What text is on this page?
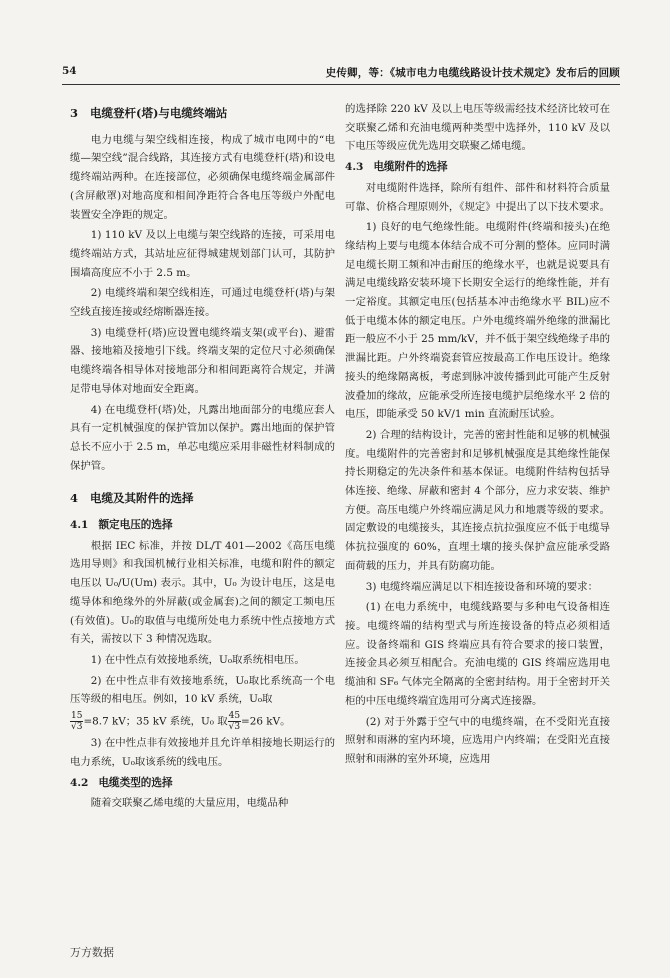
54	史传卿，等：《城市电力电缆线路设计技术规定》发布后的回顾
3 电缆登杆(塔)与电缆终端站

电力电缆与架空线相连接，构成了城市电网中的“电缆—架空线”混合线路，其连接方式有电缆登杆(塔)和设电缆终端站两种。在连接部位，必须确保电缆终端金属部件(含屏敝罩)对地高度和相间净距符合各电压等级户外配电装置安全净距的规定。

1) 110 kV 及以上电缆与架空线路的连接，可采用电缆终端站方式，其站址应征得城建规划部门认可，其防护围墙高度应不小于 2.5 m。

2) 电缆终端和架空线相连，可通过电缆登杆(塔)与架空线直接连接或经熔断器连接。

3) 电缆登杆(塔)应设置电缆终端支架(或平台)、避雷器、接地箱及接地引下线。终端支架的定位尺寸必须确保电缆终端各相导体对接地部分和相间距离符合规定，并满足带电导体对地面安全距离。

4) 在电缆登杆(塔)处，凡露出地面部分的电缆应套人具有一定机械强度的保护管加以保护。露出地面的保护管总长不应小于 2.5 m，单芯电缆应采用非磁性材料制成的保护管。

4 电缆及其附件的选择
4.1 额定电压的选择

根据 IEC 标准，并按 DL/T 401—2002《高压电缆选用导则》和我国机械行业相关标准，电缆和附件的额定电压以 U₀/U(Um) 表示。其中，U₀ 为设计电压，这是电缆导体和绝缘外的外屏蔽(或金属套)之间的额定工频电压(有效值)。U₀的取值与电缆所处电力系统中性点接地方式有关，需按以下 3 种情况选取。

1) 在中性点有效接地系统，U₀取系统相电压。

2) 在中性点非有效接地系统，U₀取比系统高一个电压等级的相电压。例如，10 kV 系统，U₀取

$\frac{15}{√3} =8.7$ kV；35 kV 系统，U₀ 取 $\frac{45}{√3} =26$ kV。

3) 在中性点非有效接地并且允许单相接地长期运行的电力系统，U₀取该系统的线电压。

4.2 电缆类型的选择

随着交联聚乙烯电缆的大量应用，电缆品种

的选择除 220 kV 及以上电压等级需经技术经济比较可在交联聚乙烯和充油电缆两种类型中选择外，110 kV 及以下电压等级应优先选用交联聚乙烯电缆。

4.3 电缆附件的选择

对电缆附件选择，除所有组件、部件和材料符合质量可靠、价格合理原则外，《规定》中提出了以下技术要求。

1) 良好的电气绝缘性能。电缆附件(终端和接头)在绝缘结构上要与电缆本体结合成不可分割的整体。应同时满足电缆长期工频和冲击耐压的绝缘水平，也就是说要具有满足电缆线路安装环境下长期安全运行的绝缘性能，并有一定裕度。其额定电压(包括基本冲击绝缘水平 BIL)应不低于电缆本体的额定电压。户外电缆终端外绝缘的泄漏比距一般应不小于 25 mm/kV，并不低于架空线绝缘子串的泄漏比距。户外终端瓷套管应按最高工作电压设计。绝缘接头的绝缘隔离板，考虑到脉冲波传播到此可能产生反射波叠加的缘故，应能承受所连接电缆护层绝缘水平 2 倍的电压，即能承受 50 kV/1 min 直流耐压试验。

2) 合理的结构设计，完善的密封性能和足够的机械强度。电缆附件的完善密封和足够机械强度是其绝缘性能保持长期稳定的先决条件和基本保证。电缆附件结构包括导体连接、绝缘、屏蔽和密封 4 个部分，应力求安装、维护方便。高压电缆户外终端应满足风力和地震等级的要求。固定敷设的电缆接头，其连接点抗拉强度应不低于电缆导体抗拉强度的 60%，直埋土壤的接头保护盒应能承受路面荷载的压力，并具有防腐功能。

3) 电缆终端应满足以下相连接设备和环境的要求：

(1) 在电力系统中，电缆线路要与多种电气设备相连接。电缆终端的结构型式与所连接设备的特点必须相适应。设备终端和 GIS 终端应具有符合要求的接口装置，连接金具必须互相配合。充油电缆的 GIS 终端应选用电缆油和 SF₆ 气体完全隔离的全密封结构。用于全密封开关柜的中压电缆终端宜选用可分离式连接器。

(2) 对于外露于空气中的电缆终端，在不受阳光直接照射和雨淋的室内环境，应选用户内终端；在受阳光直接照射和雨淋的室外环境，应选用

万方数据
